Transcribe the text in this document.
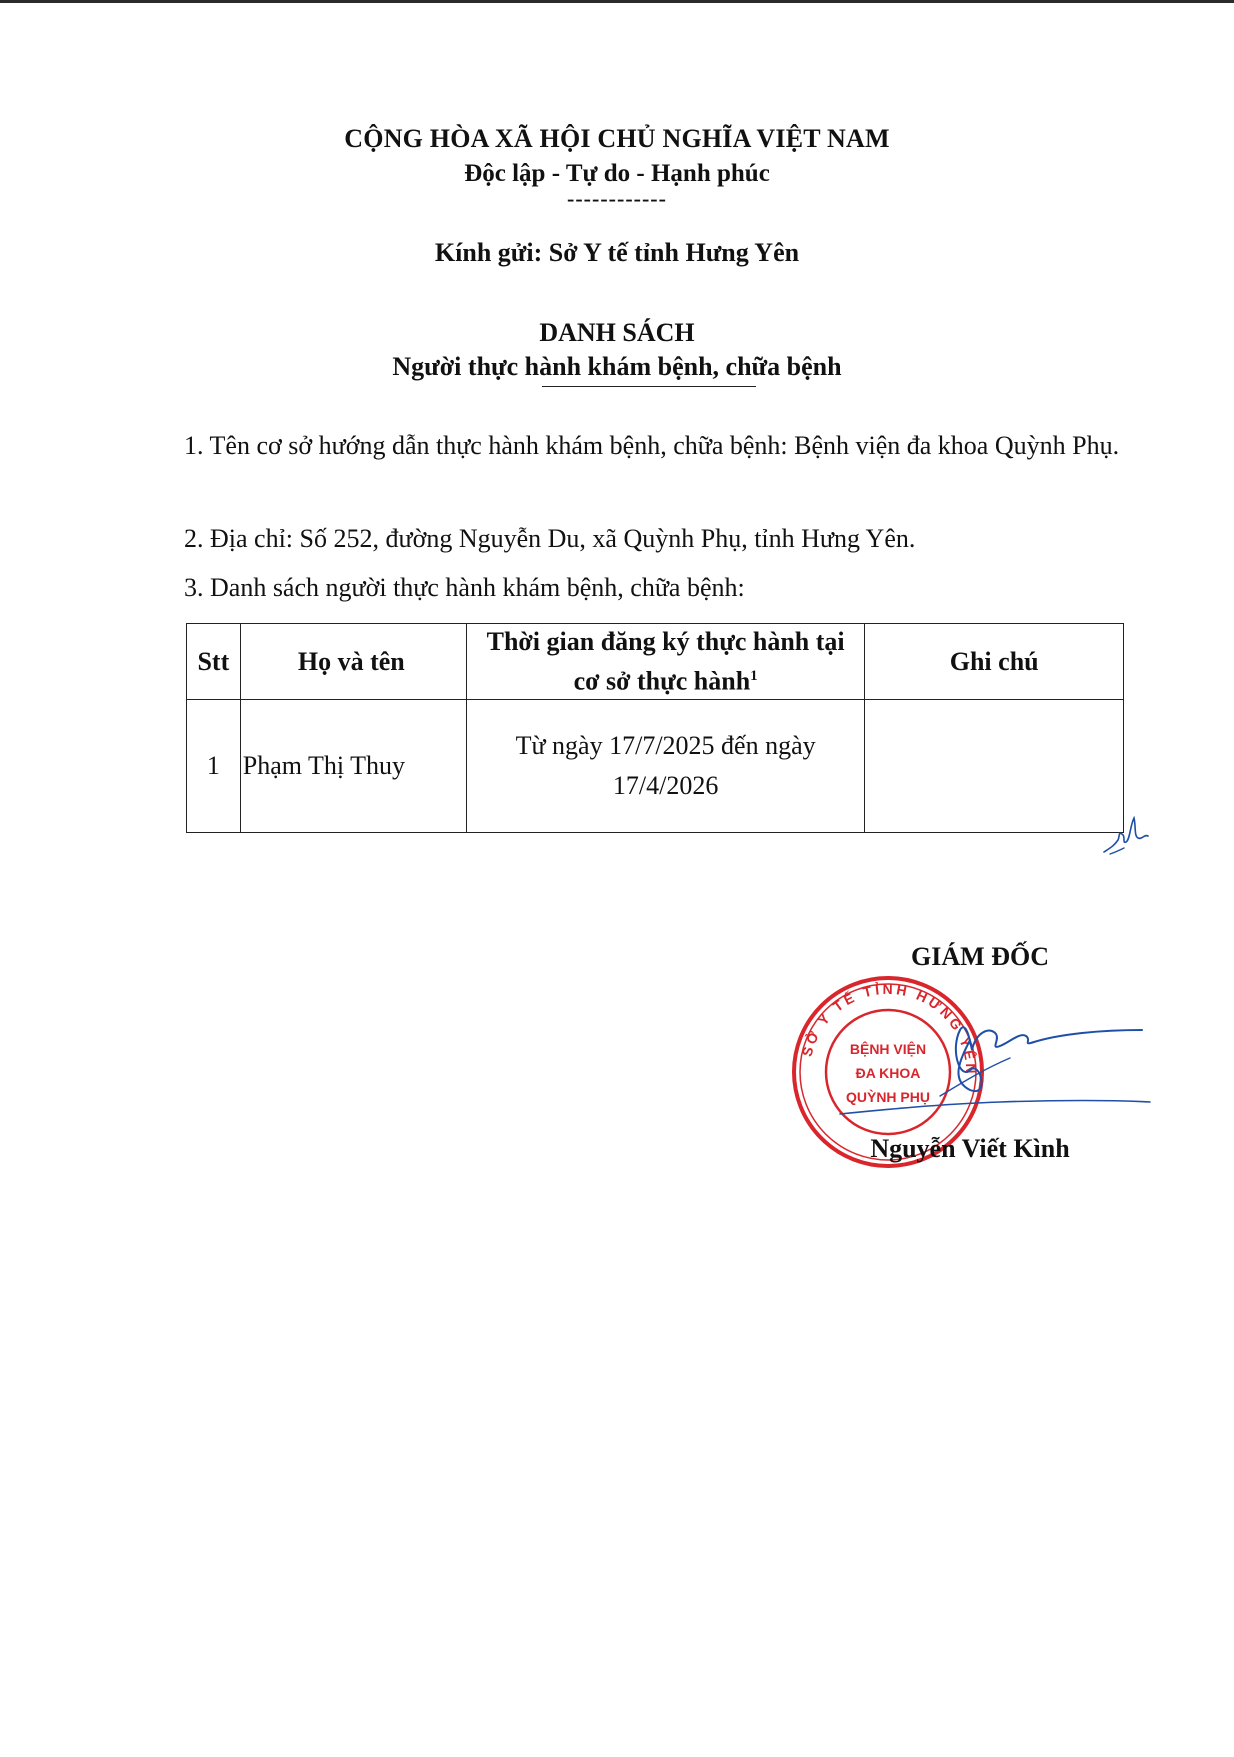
CỘNG HÒA XÃ HỘI CHỦ NGHĨA VIỆT NAM
Độc lập - Tự do - Hạnh phúc
------------
Kính gửi: Sở Y tế tỉnh Hưng Yên
DANH SÁCH
Người thực hành khám bệnh, chữa bệnh
1. Tên cơ sở hướng dẫn thực hành khám bệnh, chữa bệnh: Bệnh viện đa khoa Quỳnh Phụ.
2. Địa chỉ: Số 252, đường Nguyễn Du, xã Quỳnh Phụ, tỉnh Hưng Yên.
3. Danh sách người thực hành khám bệnh, chữa bệnh:
Stt	Họ và tên	Thời gian đăng ký thực hành tại cơ sở thực hành$^1$	Ghi chú
1	Phạm Thị Thuy	Từ ngày 17/7/2025 đến ngày 17/4/2026	
GIÁM ĐỐC
SỞ Y TẾ TỈNH HƯNG YÊN
BỆNH VIỆN
ĐA KHOA
QUỲNH PHỤ
Nguyễn Viết Kình
